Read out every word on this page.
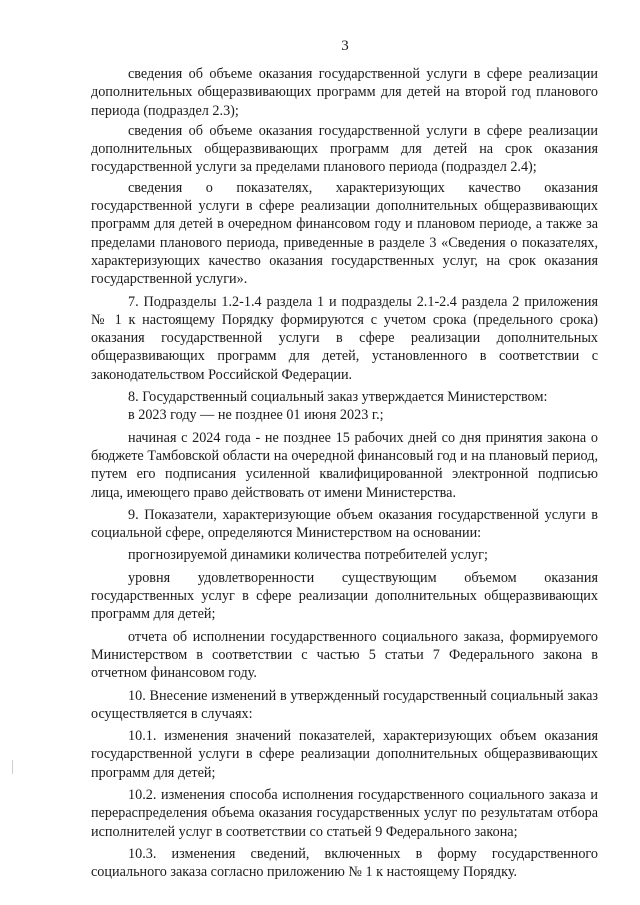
3

сведения об объеме оказания государственной услуги в сфере реализации дополнительных общеразвивающих программ для детей на второй год планового периода (подраздел 2.3);

сведения об объеме оказания государственной услуги в сфере реализации дополнительных общеразвивающих программ для детей на срок оказания государственной услуги за пределами планового периода (подраздел 2.4);

сведения о показателях, характеризующих качество оказания государственной услуги в сфере реализации дополнительных общеразвивающих программ для детей в очередном финансовом году и плановом периоде, а также за пределами планового периода, приведенные в разделе 3 «Сведения о показателях, характеризующих качество оказания государственных услуг, на срок оказания государственной услуги».

7. Подразделы 1.2-1.4 раздела 1 и подразделы 2.1-2.4 раздела 2 приложения № 1 к настоящему Порядку формируются с учетом срока (предельного срока) оказания государственной услуги в сфере реализации дополнительных общеразвивающих программ для детей, установленного в соответствии с законодательством Российской Федерации.

8. Государственный социальный заказ утверждается Министерством:

в 2023 году — не позднее 01 июня 2023 г.;

начиная с 2024 года - не позднее 15 рабочих дней со дня принятия закона о бюджете Тамбовской области на очередной финансовый год и на плановый период, путем его подписания усиленной квалифицированной электронной подписью лица, имеющего право действовать от имени Министерства.

9. Показатели, характеризующие объем оказания государственной услуги в социальной сфере, определяются Министерством на основании:

прогнозируемой динамики количества потребителей услуг;

уровня удовлетворенности существующим объемом оказания государственных услуг в сфере реализации дополнительных общеразвивающих программ для детей;

отчета об исполнении государственного социального заказа, формируемого Министерством в соответствии с частью 5 статьи 7 Федерального закона в отчетном финансовом году.

10. Внесение изменений в утвержденный государственный социальный заказ осуществляется в случаях:

10.1. изменения значений показателей, характеризующих объем оказания государственной услуги в сфере реализации дополнительных общеразвивающих программ для детей;

10.2. изменения способа исполнения государственного социального заказа и перераспределения объема оказания государственных услуг по результатам отбора исполнителей услуг в соответствии со статьей 9 Федерального закона;

10.3. изменения сведений, включенных в форму государственного социального заказа согласно приложению № 1 к настоящему Порядку.
